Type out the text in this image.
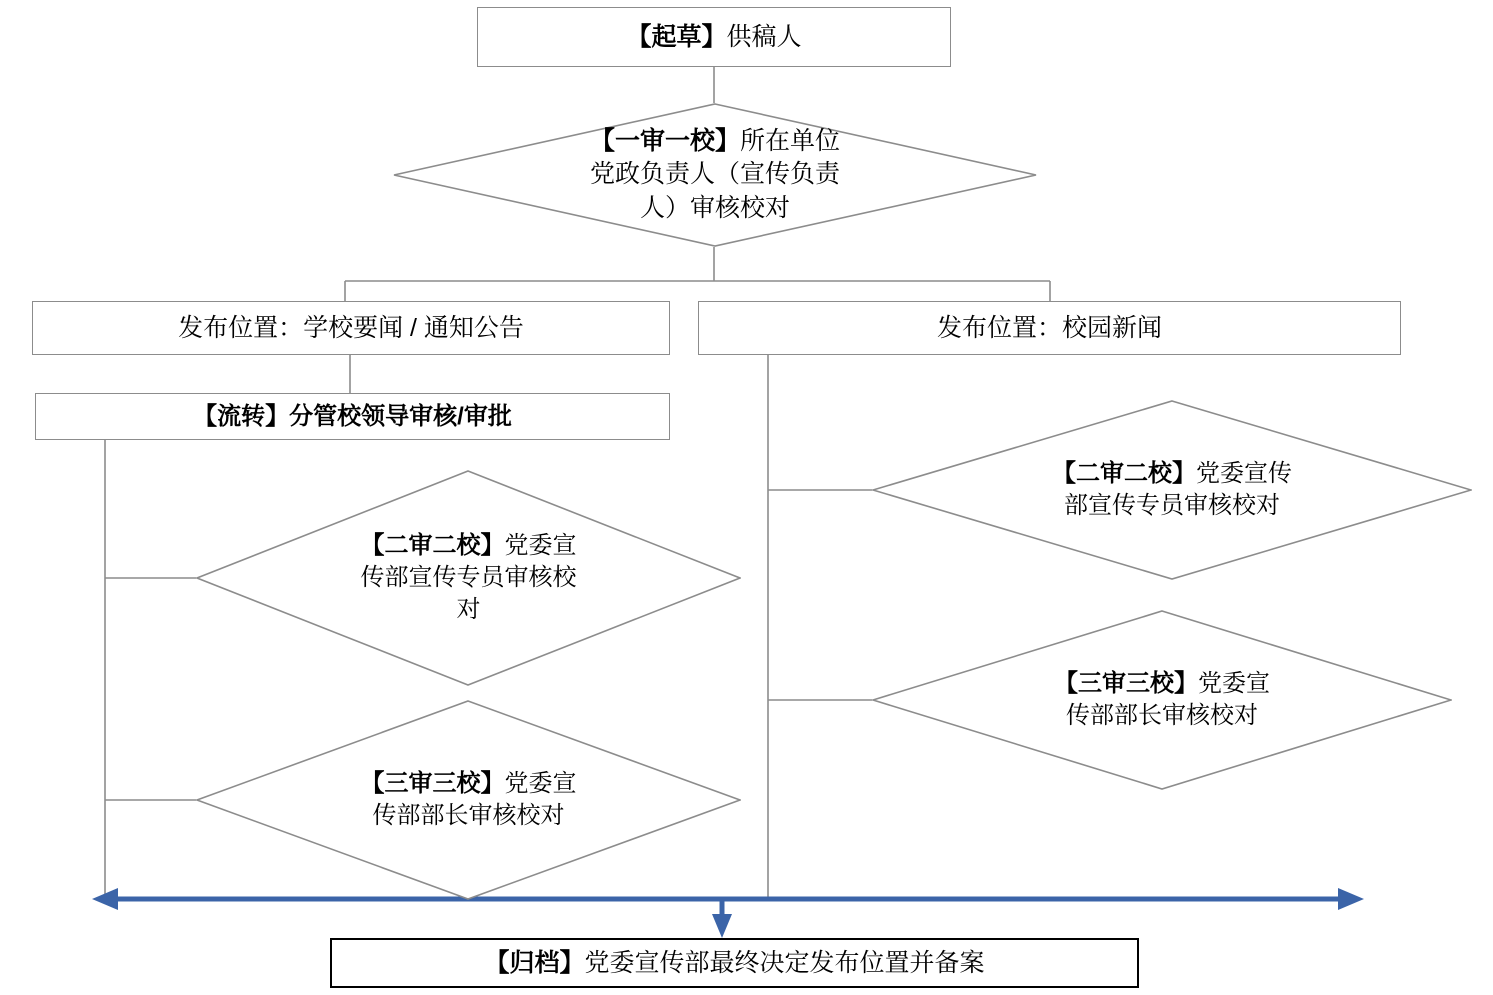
【起草】供稿人
【一审一校】所在单位
党政负责人（宣传负责
人）审核校对
发布位置：学校要闻 / 通知公告	发布位置：校园新闻
【流转】分管校领导审核/审批
【二审二校】党委宣
传部宣传专员审核校
对
【三审三校】党委宣
传部部长审核校对
【二审二校】党委宣传
部宣传专员审核校对
【三审三校】党委宣
传部部长审核校对
【归档】党委宣传部最终决定发布位置并备案
